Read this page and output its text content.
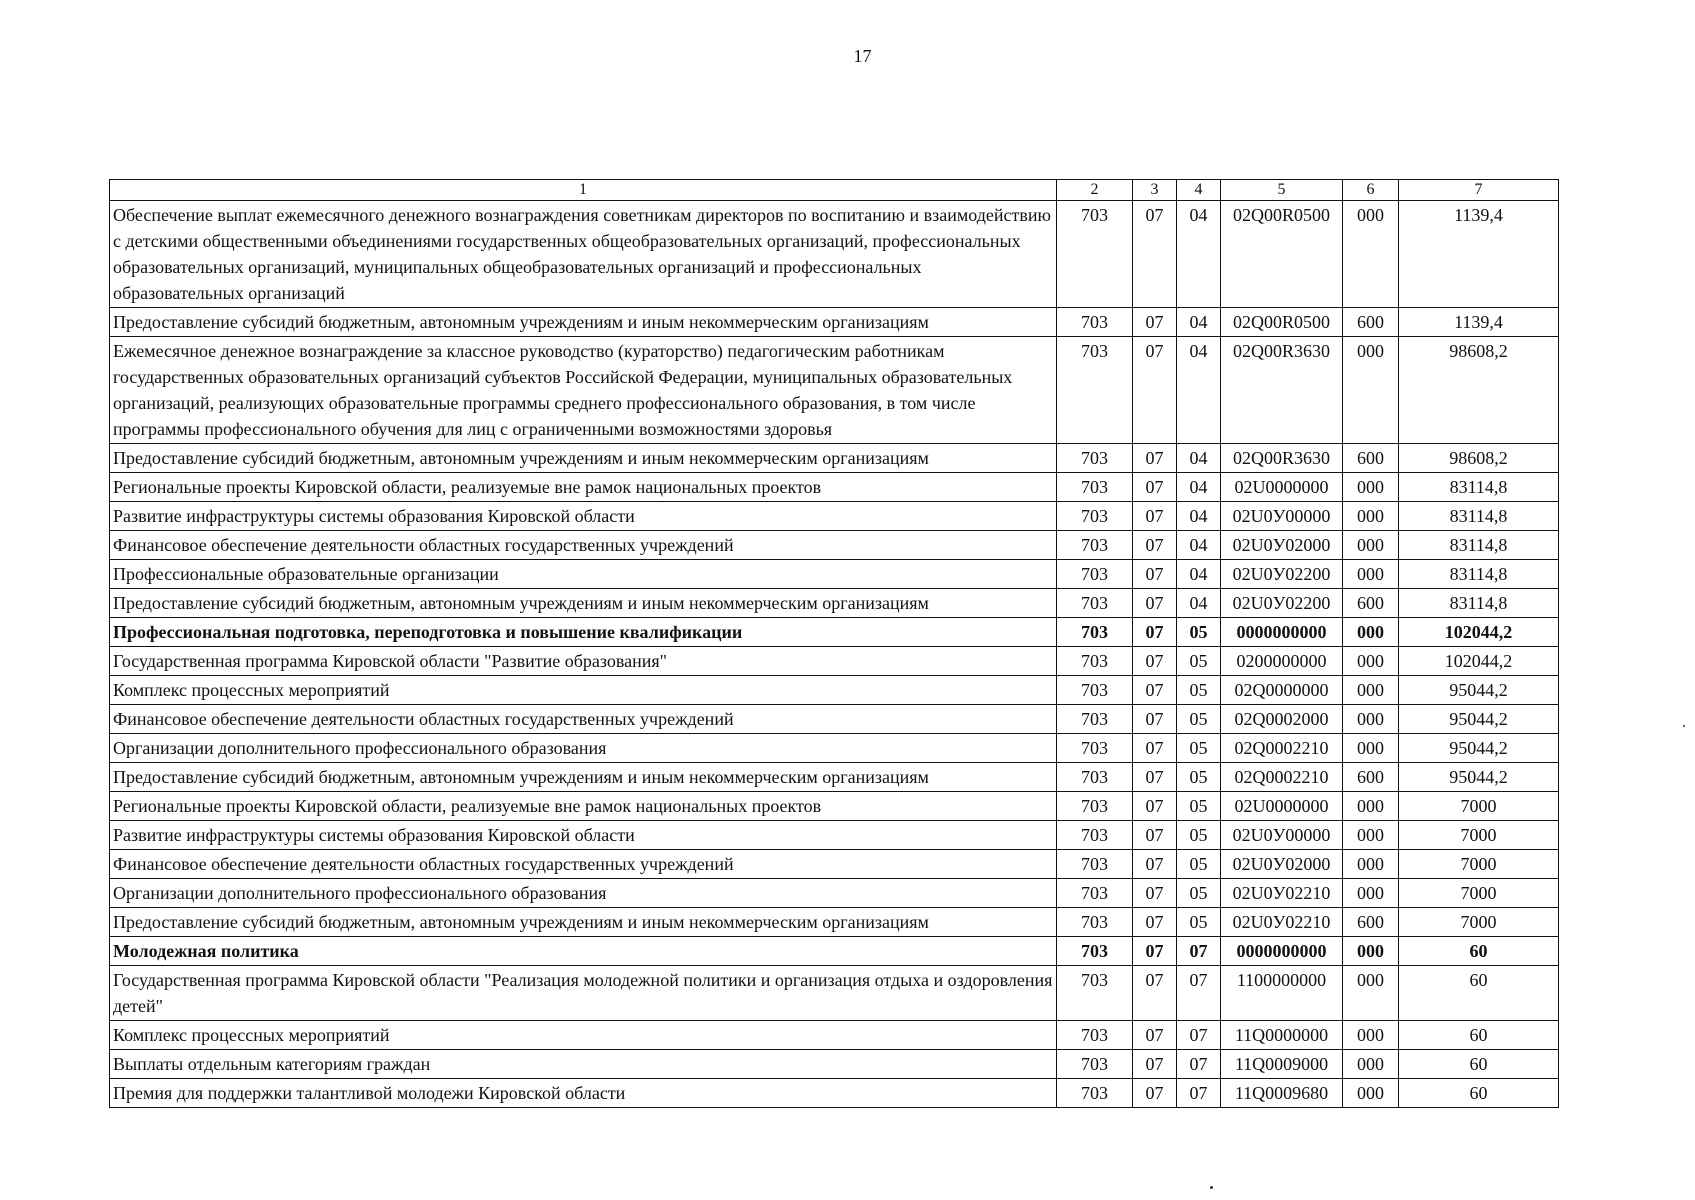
17
1	2	3	4	5	6	7
Обеспечение выплат ежемесячного денежного вознаграждения советникам директоров по воспитанию и взаимодействию с детскими общественными объединениями государственных общеобразовательных организаций, профессиональных образовательных организаций, муниципальных общеобразовательных организаций и профессиональных образовательных организаций	703	07	04	02Q00R0500	000	1139,4
Предоставление субсидий бюджетным, автономным учреждениям и иным некоммерческим организациям	703	07	04	02Q00R0500	600	1139,4
Ежемесячное денежное вознаграждение за классное руководство (кураторство) педагогическим работникам государственных образовательных организаций субъектов Российской Федерации, муниципальных образовательных организаций, реализующих образовательные программы среднего профессионального образования, в том числе программы профессионального обучения для лиц с ограниченными возможностями здоровья	703	07	04	02Q00R3630	000	98608,2
Предоставление субсидий бюджетным, автономным учреждениям и иным некоммерческим организациям	703	07	04	02Q00R3630	600	98608,2
Региональные проекты Кировской области, реализуемые вне рамок национальных проектов	703	07	04	02U0000000	000	83114,8
Развитие инфраструктуры системы образования Кировской области	703	07	04	02U0У00000	000	83114,8
Финансовое обеспечение деятельности областных государственных учреждений	703	07	04	02U0У02000	000	83114,8
Профессиональные образовательные организации	703	07	04	02U0У02200	000	83114,8
Предоставление субсидий бюджетным, автономным учреждениям и иным некоммерческим организациям	703	07	04	02U0У02200	600	83114,8
Профессиональная подготовка, переподготовка и повышение квалификации	703	07	05	0000000000	000	102044,2
Государственная программа Кировской области "Развитие образования"	703	07	05	0200000000	000	102044,2
Комплекс процессных мероприятий	703	07	05	02Q0000000	000	95044,2
Финансовое обеспечение деятельности областных государственных учреждений	703	07	05	02Q0002000	000	95044,2
Организации дополнительного профессионального образования	703	07	05	02Q0002210	000	95044,2
Предоставление субсидий бюджетным, автономным учреждениям и иным некоммерческим организациям	703	07	05	02Q0002210	600	95044,2
Региональные проекты Кировской области, реализуемые вне рамок национальных проектов	703	07	05	02U0000000	000	7000
Развитие инфраструктуры системы образования Кировской области	703	07	05	02U0У00000	000	7000
Финансовое обеспечение деятельности областных государственных учреждений	703	07	05	02U0У02000	000	7000
Организации дополнительного профессионального образования	703	07	05	02U0У02210	000	7000
Предоставление субсидий бюджетным, автономным учреждениям и иным некоммерческим организациям	703	07	05	02U0У02210	600	7000
Молодежная политика	703	07	07	0000000000	000	60
Государственная программа Кировской области "Реализация молодежной политики и организация отдыха и оздоровления детей"	703	07	07	1100000000	000	60
Комплекс процессных мероприятий	703	07	07	11Q0000000	000	60
Выплаты отдельным категориям граждан	703	07	07	11Q0009000	000	60
Премия для поддержки талантливой молодежи Кировской области	703	07	07	11Q0009680	000	60
